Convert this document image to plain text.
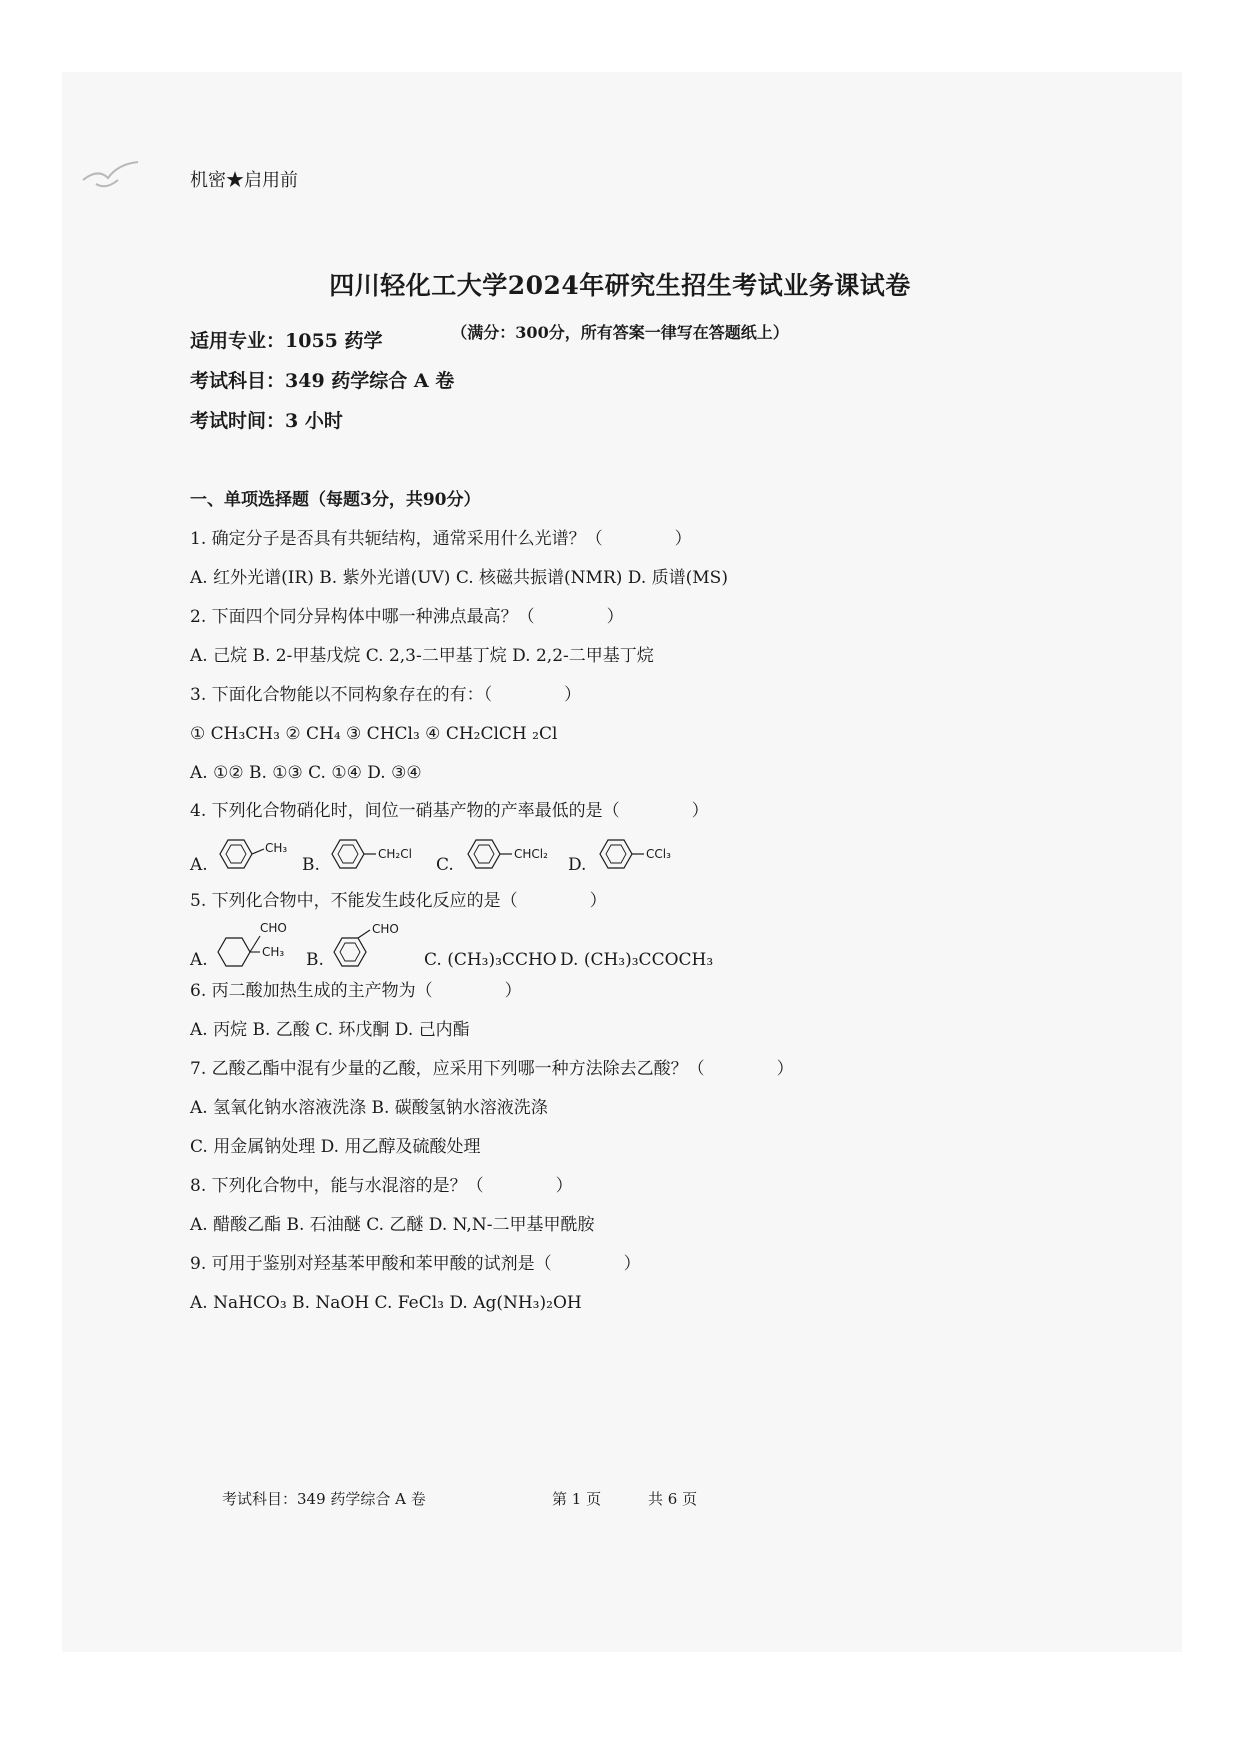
机密★启用前
四川轻化工大学2024年研究生招生考试业务课试卷
（满分：300分，所有答案一律写在答题纸上）
适用专业：1055 药学
考试科目：349 药学综合 A 卷
考试时间：3 小时
一、单项选择题（每题3分，共90分）
1. 确定分子是否具有共轭结构，通常采用什么光谱？（	）
A. 红外光谱(IR) B. 紫外光谱(UV) C. 核磁共振谱(NMR) D. 质谱(MS)
2. 下面四个同分异构体中哪一种沸点最高？（	）
A. 己烷 B. 2-甲基戊烷 C. 2,3-二甲基丁烷 D. 2,2-二甲基丁烷
3. 下面化合物能以不同构象存在的有：（	）
① CH₃CH₃ ② CH₄ ③ CHCl₃ ④ CH₂ClCH ₂Cl
A. ①② B. ①③ C. ①④ D. ③④
4. 下列化合物硝化时，间位一硝基产物的产率最低的是（	）
A.
CH₃
B.
CH₂Cl
C.
CHCl₂
D.
CCl₃
5. 下列化合物中，不能发生歧化反应的是（	）
A.
CHO
CH₃ B.
CHO
C. (CH₃)₃CCHO D. (CH₃)₃CCOCH₃
6. 丙二酸加热生成的主产物为（	）
A. 丙烷 B. 乙酸 C. 环戊酮 D. 己内酯
7. 乙酸乙酯中混有少量的乙酸，应采用下列哪一种方法除去乙酸？（	）
A. 氢氧化钠水溶液洗涤 B. 碳酸氢钠水溶液洗涤
C. 用金属钠处理 D. 用乙醇及硫酸处理
8. 下列化合物中，能与水混溶的是？（	）
A. 醋酸乙酯 B. 石油醚 C. 乙醚 D. N,N-二甲基甲酰胺
9. 可用于鉴别对羟基苯甲酸和苯甲酸的试剂是（	）
A. NaHCO₃ B. NaOH C. FeCl₃ D. Ag(NH₃)₂OH
考试科目：349 药学综合 A 卷	第 1 页	共 6 页
